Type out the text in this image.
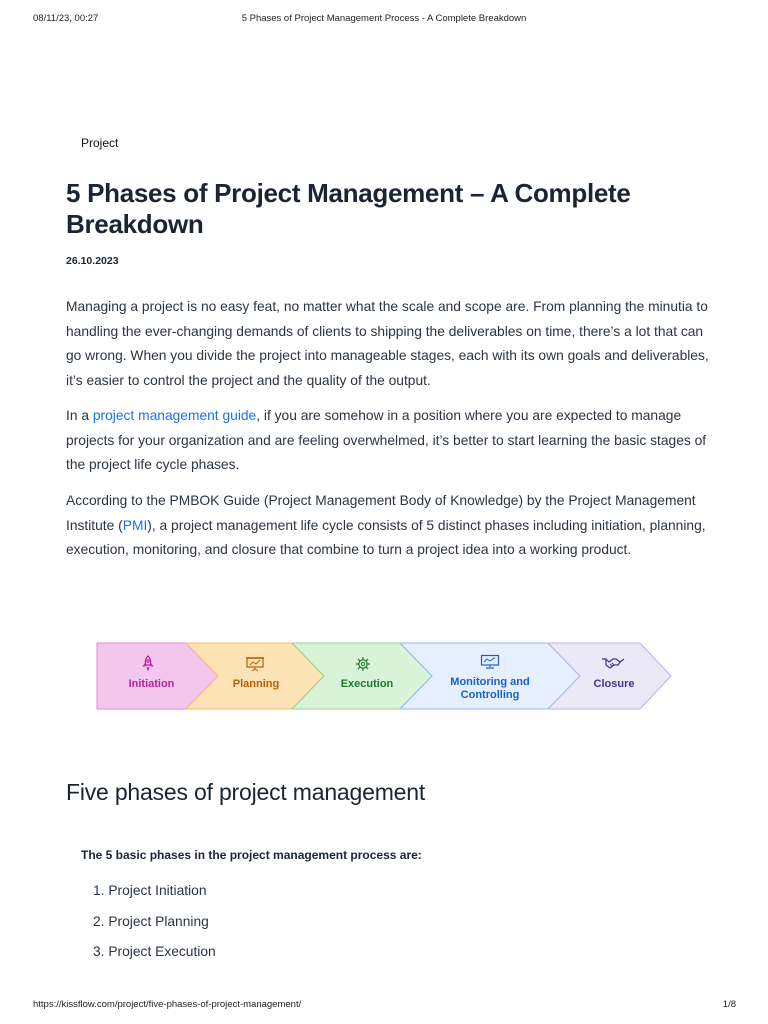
08/11/23, 00:27	5 Phases of Project Management Process - A Complete Breakdown
Project
5 Phases of Project Management – A Complete Breakdown
26.10.2023

Managing a project is no easy feat, no matter what the scale and scope are. From planning the minutia to handling the ever-changing demands of clients to shipping the deliverables on time, there’s a lot that can go wrong. When you divide the project into manageable stages, each with its own goals and deliverables, it’s easier to control the project and the quality of the output.

In a project management guide, if you are somehow in a position where you are expected to manage projects for your organization and are feeling overwhelmed, it’s better to start learning the basic stages of the project life cycle phases.

According to the PMBOK Guide (Project Management Body of Knowledge) by the Project Management Institute (PMI), a project management life cycle consists of 5 distinct phases including initiation, planning, execution, monitoring, and closure that combine to turn a project idea into a working product.

Initiation	Planning	Execution	Monitoring and Controlling
Closure
Five phases of project management
The 5 basic phases in the project management process are:
1. Project Initiation
2. Project Planning
3. Project Execution
https://kissflow.com/project/five-phases-of-project-management/	1/8
